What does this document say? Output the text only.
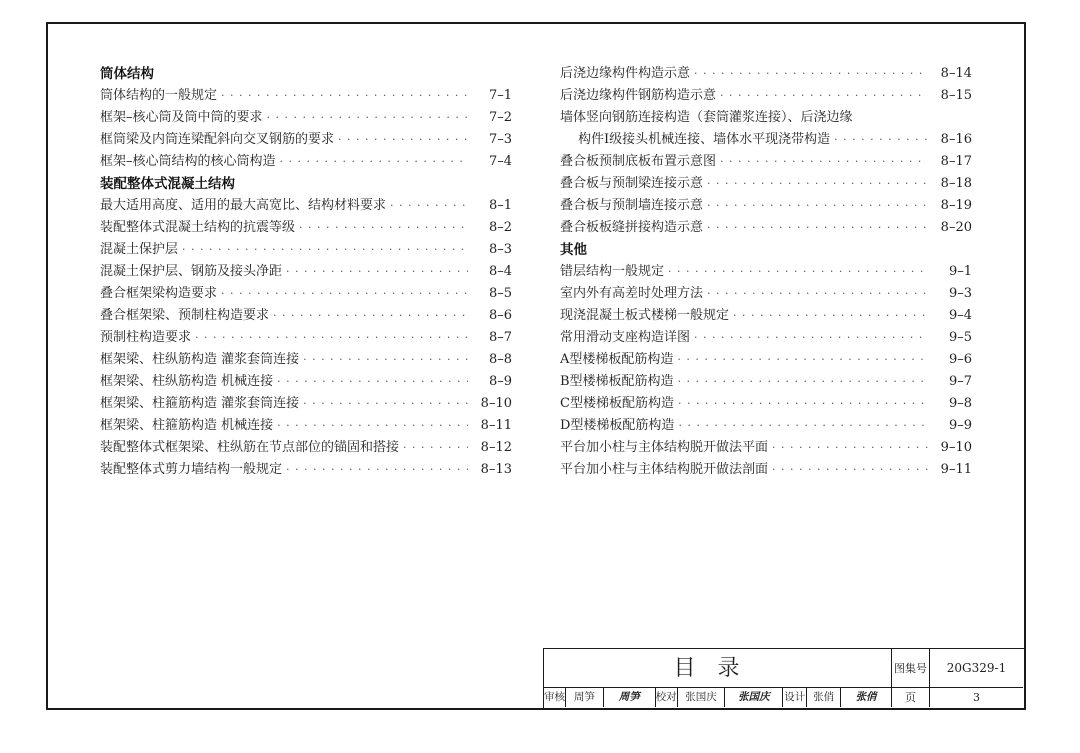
筒体结构
筒体结构的一般规定 · · ·	7–1
框架–核心筒及筒中筒的要求 · · ·	7–2
框筒梁及内筒连梁配斜向交叉钢筋的要求 · · ·	7–3
框架–核心筒结构的核心筒构造 · · ·	7–4
装配整体式混凝土结构
最大适用高度、适用的最大高宽比、结构材料要求 · · ·	8–1
装配整体式混凝土结构的抗震等级 · · ·	8–2
混凝土保护层 · · ·	8–3
混凝土保护层、钢筋及接头净距 · · ·	8–4
叠合框架梁构造要求 · · ·	8–5
叠合框架梁、预制柱构造要求 · · ·	8–6
预制柱构造要求 · · ·	8–7
框架梁、柱纵筋构造 灌浆套筒连接 · · ·	8–8
框架梁、柱纵筋构造 机械连接 · · ·	8–9
框架梁、柱箍筋构造 灌浆套筒连接 · · ·	8–10
框架梁、柱箍筋构造 机械连接 · · ·	8–11
装配整体式框架梁、柱纵筋在节点部位的锚固和搭接 · · ·	8–12
装配整体式剪力墙结构一般规定 · · ·	8–13
后浇边缘构件构造示意 · · ·	8–14
后浇边缘构件钢筋构造示意 · · ·	8–15
墙体竖向钢筋连接构造（套筒灌浆连接）、后浇边缘
构件Ⅰ级接头机械连接、墙体水平现浇带构造 · · ·	8–16
叠合板预制底板布置示意图 · · ·	8–17
叠合板与预制梁连接示意 · · ·	8–18
叠合板与预制墙连接示意 · · ·	8–19
叠合板板缝拼接构造示意 · · ·	8–20
其他
错层结构一般规定 · · ·	9–1
室内外有高差时处理方法 · · ·	9–3
现浇混凝土板式楼梯一般规定 · · ·	9–4
常用滑动支座构造详图 · · ·	9–5
A型楼梯板配筋构造 · · ·	9–6
B型楼梯板配筋构造 · · ·	9–7
C型楼梯板配筋构造 · · ·	9–8
D型楼梯板配筋构造 · · ·	9–9
平台加小柱与主体结构脱开做法平面 · · ·	9–10
平台加小柱与主体结构脱开做法剖面 · · ·	9–11
目录	图集号	20G329-1
审核 周笋	周笋	校对 张国庆	张国庆	设计 张俏	张俏	页	3
